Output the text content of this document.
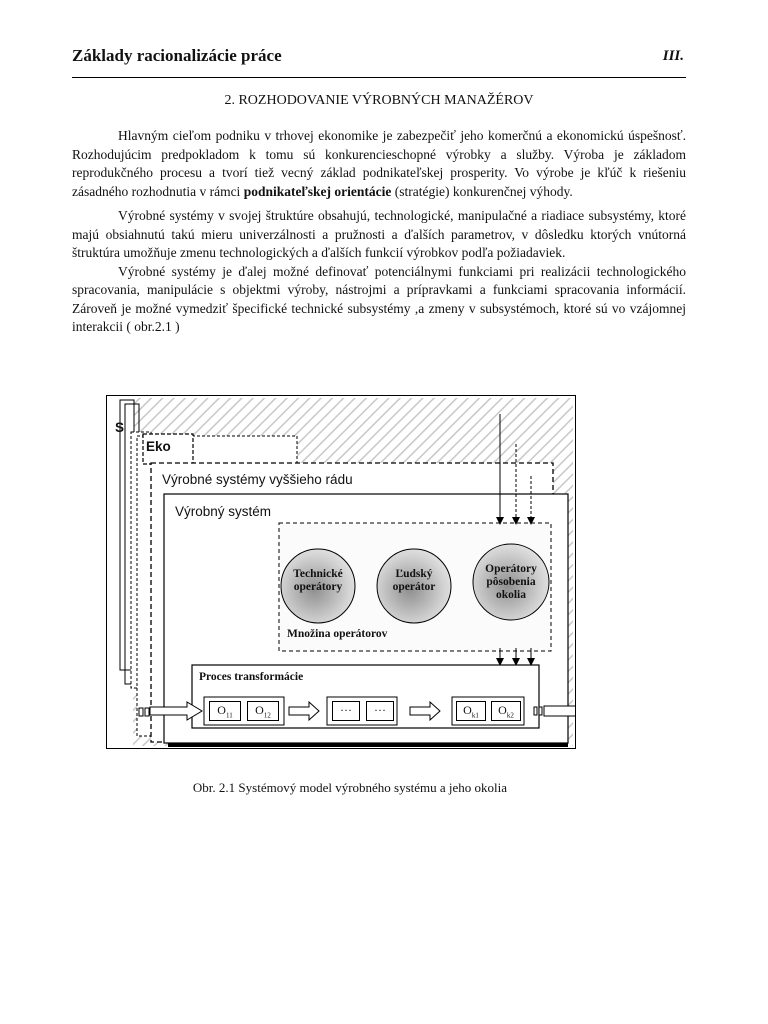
Základy racionalizácie práce	III.
2. ROZHODOVANIE VÝROBNÝCH MANAŽÉROV

Hlavným cieľom podniku v trhovej ekonomike je zabezpečiť jeho komerčnú a ekonomickú úspešnosť. Rozhodujúcim predpokladom k tomu sú konkurencieschopné výrobky a služby. Výroba je základom reprodukčného procesu a tvorí tiež vecný základ podnikateľskej prosperity. Vo výrobe je kľúč k riešeniu zásadného rozhodnutia v rámci podnikateľskej orientácie (stratégie) konkurenčnej výhody.

Výrobné systémy v svojej štruktúre obsahujú, technologické, manipulačné a riadiace subsystémy, ktoré majú obsiahnutú takú mieru univerzálnosti a pružnosti a ďalších parametrov, v dôsledku ktorých vnútorná štruktúra umožňuje zmenu technologických a ďalších funkcií výrobkov podľa požiadaviek.

Výrobné systémy je ďalej možné definovať potenciálnymi funkciami pri realizácii technologického spracovania, manipulácie s objektmi výroby, nástrojmi a prípravkami a funkciami spracovania informácií. Zároveň je možné vymedziť špecifické technické subsystémy ,a zmeny v subsystémoch, ktoré sú vo vzájomnej interakcii ( obr.2.1 )

S
Eko
Výrobné systémy vyššieho rádu
Výrobný systém
Technické operátory
Ľudský operátor
Operátory pôsobenia okolia
Množina operátorov
Proces transformácie
$O_{11}$	$O_{12}$	···	···	$O_{k1}$	$O_{k2}$
Obr. 2.1 Systémový model výrobného systému a jeho okolia
